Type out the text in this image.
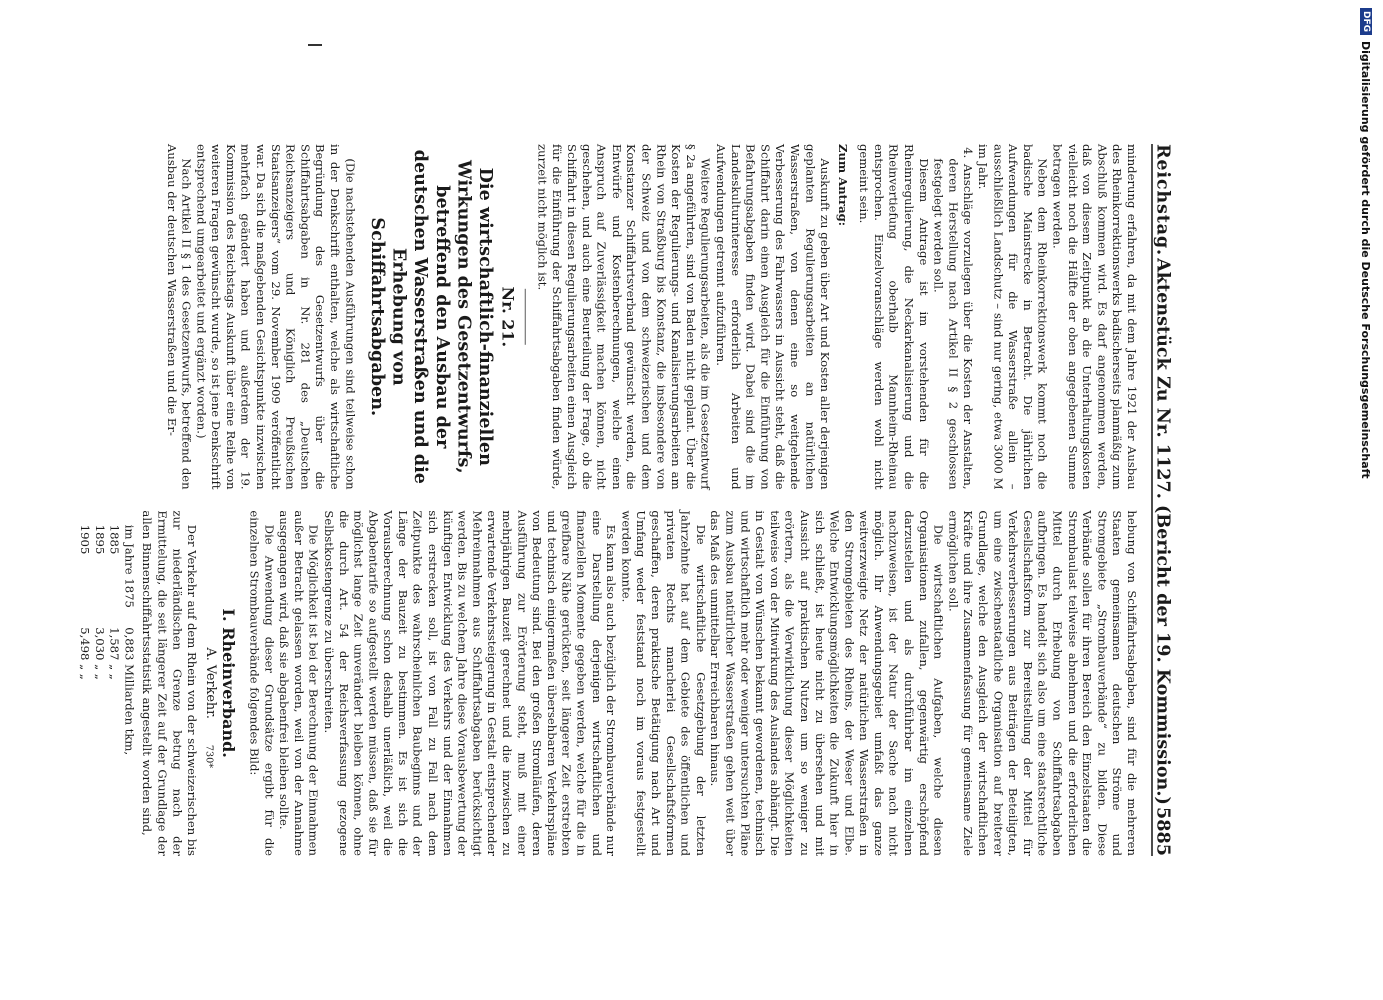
Reichstag.
Aktenstück Zu Nr. 1127. (Bericht der 19. Kommission.)
5885

minderung erfahren, da mit dem Jahre 1921 der Ausbau des Rheinkorrektionswerks badischerseits planmäßig zum Abschluß kommen wird. Es darf angenommen werden, daß von diesem Zeitpunkt ab die Unterhaltungskosten vielleicht noch die Hälfte der oben angegebenen Summe betragen werden.

Neben dem Rheinkorrektionswerk kommt noch die badische Mainstrecke in Betracht. Die jährlichen Aufwendungen für die Wasserstraße allein – ausschließlich Landschutz – sind nur gering, etwa 3000 M im Jahr.

4. Anschläge vorzulegen über die Kosten der Anstalten, deren Herstellung nach Artikel II § 2 geschlossen festgelegt werden soll.

Diesem Antrage ist im vorstehenden für die Rheinregulierung, die Neckarkanalisierung und die Rheinvertiefung oberhalb Mannheim-Rheinau entsprochen. Einzelvoranschläge werden wohl nicht gemeint sein.

Zum Antrag:

Auskunft zu geben über Art und Kosten aller derjenigen geplanten Regulierungsarbeiten an natürlichen Wasserstraßen, von denen eine so weitgehende Verbesserung des Fahrwassers in Aussicht steht, daß die Schiffahrt darin einen Ausgleich für die Einführung von Befahrungsabgaben finden wird. Dabei sind die im Landeskulturinteresse erforderlich Arbeiten und Aufwendungen getrennt aufzuführen.

Weitere Regulierungsarbeiten, als die im Gesetzentwurf § 2a angeführten, sind von Baden nicht geplant. Über die Kosten der Regulierungs- und Kanalisierungsarbeiten am Rhein von Straßburg bis Konstanz, die insbesondere von der Schweiz und von dem schweizerischen und dem Konstanzer Schiffahrtsverband gewünscht werden, die Entwürfe und Kostenberechnungen, welche einen Anspruch auf Zuverlässigkeit machen können, nicht geschehen, und auch eine Beurteilung der Frage, ob die Schiffahrt in diesen Regulierungsarbeiten einen Ausgleich für die Einführung der Schiffahrtsabgaben finden würde, zurzeit nicht möglich ist.

Nr. 21.

Die wirtschaftlich-finanziellen Wirkungen des Gesetzentwurfs, betreffend den Ausbau der deutschen Wasserstraßen und die Erhebung von Schiffahrtsabgaben.

(Die nachstehenden Ausführungen sind teilweise schon in der Denkschrift enthalten, welche als wirtschaftliche Begründung des Gesetzentwurfs über die Schiffahrtsabgaben in Nr. 281 des „Deutschen Reichsanzeigers und Königlich Preußischen Staatsanzeigers“ vom 29. November 1909 veröffentlicht war. Da sich die maßgebenden Gesichtspunkte inzwischen mehrfach geändert haben und außerdem der 19. Kommission des Reichstags Auskunft über eine Reihe von weiteren Fragen gewünscht wurde, so ist jene Denkschrift entsprechend umgearbeitet und ergänzt worden.)

Nach Artikel II § 1 des Gesetzentwurfs, betreffend den Ausbau der deutschen Wasserstraßen und die Er-

hebung von Schiffahrtsabgaben, sind für die mehreren Staaten gemeinsamen deutschen Ströme und Stromgebiete „Strombauverbände“ zu bilden. Diese Verbände sollen für ihren Bereich den Einzelstaaten die Strombaulast teilweise abnehmen und die erforderlichen Mittel durch Erhebung von Schiffahrtsabgaben aufbringen. Es handelt sich also um eine staatsrechtliche Gesellschaftsform zur Bereitstellung der Mittel für Verkehrsverbesserungen aus Beiträgen der Beteiligten, um eine zwischenstaatliche Organisation auf breiterer Grundlage, welche den Ausgleich der wirtschaftlichen Kräfte und ihre Zusammenfassung für gemeinsame Ziele ermöglichen soll.

Die wirtschaftlichen Aufgaben, welche diesen Organisationen zufallen, gegenwärtig erschöpfend darzustellen und als durchführbar im einzelnen nachzuweisen, ist der Natur der Sache nach nicht möglich. Ihr Anwendungsgebiet umfaßt das ganze weitverzweigte Netz der natürlichen Wasserstraßen in den Stromgebieten des Rheins, der Weser und Elbe. Welche Entwicklungsmöglichkeiten die Zukunft hier in sich schließt, ist heute nicht zu übersehen und mit Aussicht auf praktischen Nutzen um so weniger zu erörtern, als die Verwirklichung dieser Möglichkeiten teilweise von der Mitwirkung des Auslandes abhängt. Die in Gestalt von Wünschen bekannt gewordenen, technisch und wirtschaftlich mehr oder weniger untersuchten Pläne zum Ausbau natürlicher Wasserstraßen gehen weit über das Maß des unmittelbar Erreichbaren hinaus.

Die wirtschaftliche Gesetzgebung der letzten Jahrzehnte hat auf dem Gebiete des öffentlichen und privaten Rechts mancherlei Gesellschaftsformen geschaffen, deren praktische Betätigung nach Art und Umfang weder feststand noch im voraus festgestellt werden konnte.

Es kann also auch bezüglich der Strombauverbände nur eine Darstellung derjenigen wirtschaftlichen und finanziellen Momente gegeben werden, welche für die in greifbare Nähe gerückten, seit längerer Zeit erstrebten und technisch einigermaßen übersehbaren Verkehrspläne von Bedeutung sind. Bei den großen Stromläufen, deren Ausführung zur Erörterung steht, muß mit einer mehrjährigen Bauzeit gerechnet und die inzwischen zu erwartende Verkehrssteigerung in Gestalt entsprechender Mehreinnahmen aus Schiffahrtsabgaben berücksichtigt werden. Bis zu welchem Jahre diese Vorausbewertung der künftigen Entwicklung des Verkehrs und der Einnahmen sich erstrecken soll, ist von Fall zu Fall nach dem Zeitpunkte des wahrscheinlichen Baubeginns und der Länge der Bauzeit zu bestimmen. Es ist sich die Vorausberechnung schon deshalb unerläßlich, weil die Abgabentarife so aufgestellt werden müssen, daß sie für möglichst lange Zeit unverändert bleiben können, ohne die durch Art. 54 der Reichsverfassung gezogene Selbstkostengrenze zu überschreiten.

Die Möglichkeit ist bei der Berechnung der Einnahmen außer Betracht gelassen worden, weil von der Annahme ausgegangen wird, daß sie abgabenfrei bleiben sollte.

Die Anwendung dieser Grundsätze ergibt für die einzelnen Strombauverbände folgendes Bild:

I. Rheinverband.

A. Verkehr.

Der Verkehr auf dem Rhein von der schweizerischen bis zur niederländischen Grenze betrug nach der Ermittelung, die seit längerer Zeit auf der Grundlage der allen Binnenschiffahrtsstatistik angestellt worden sind,

im Jahre 1875
0,883 Milliarden tkm,
1885
1,587 „ „
1895
3,030 „ „
1905
5,498 „ „
730*
DFG
Digitalisierung gefördert durch die Deutsche Forschungsgemeinschaft
